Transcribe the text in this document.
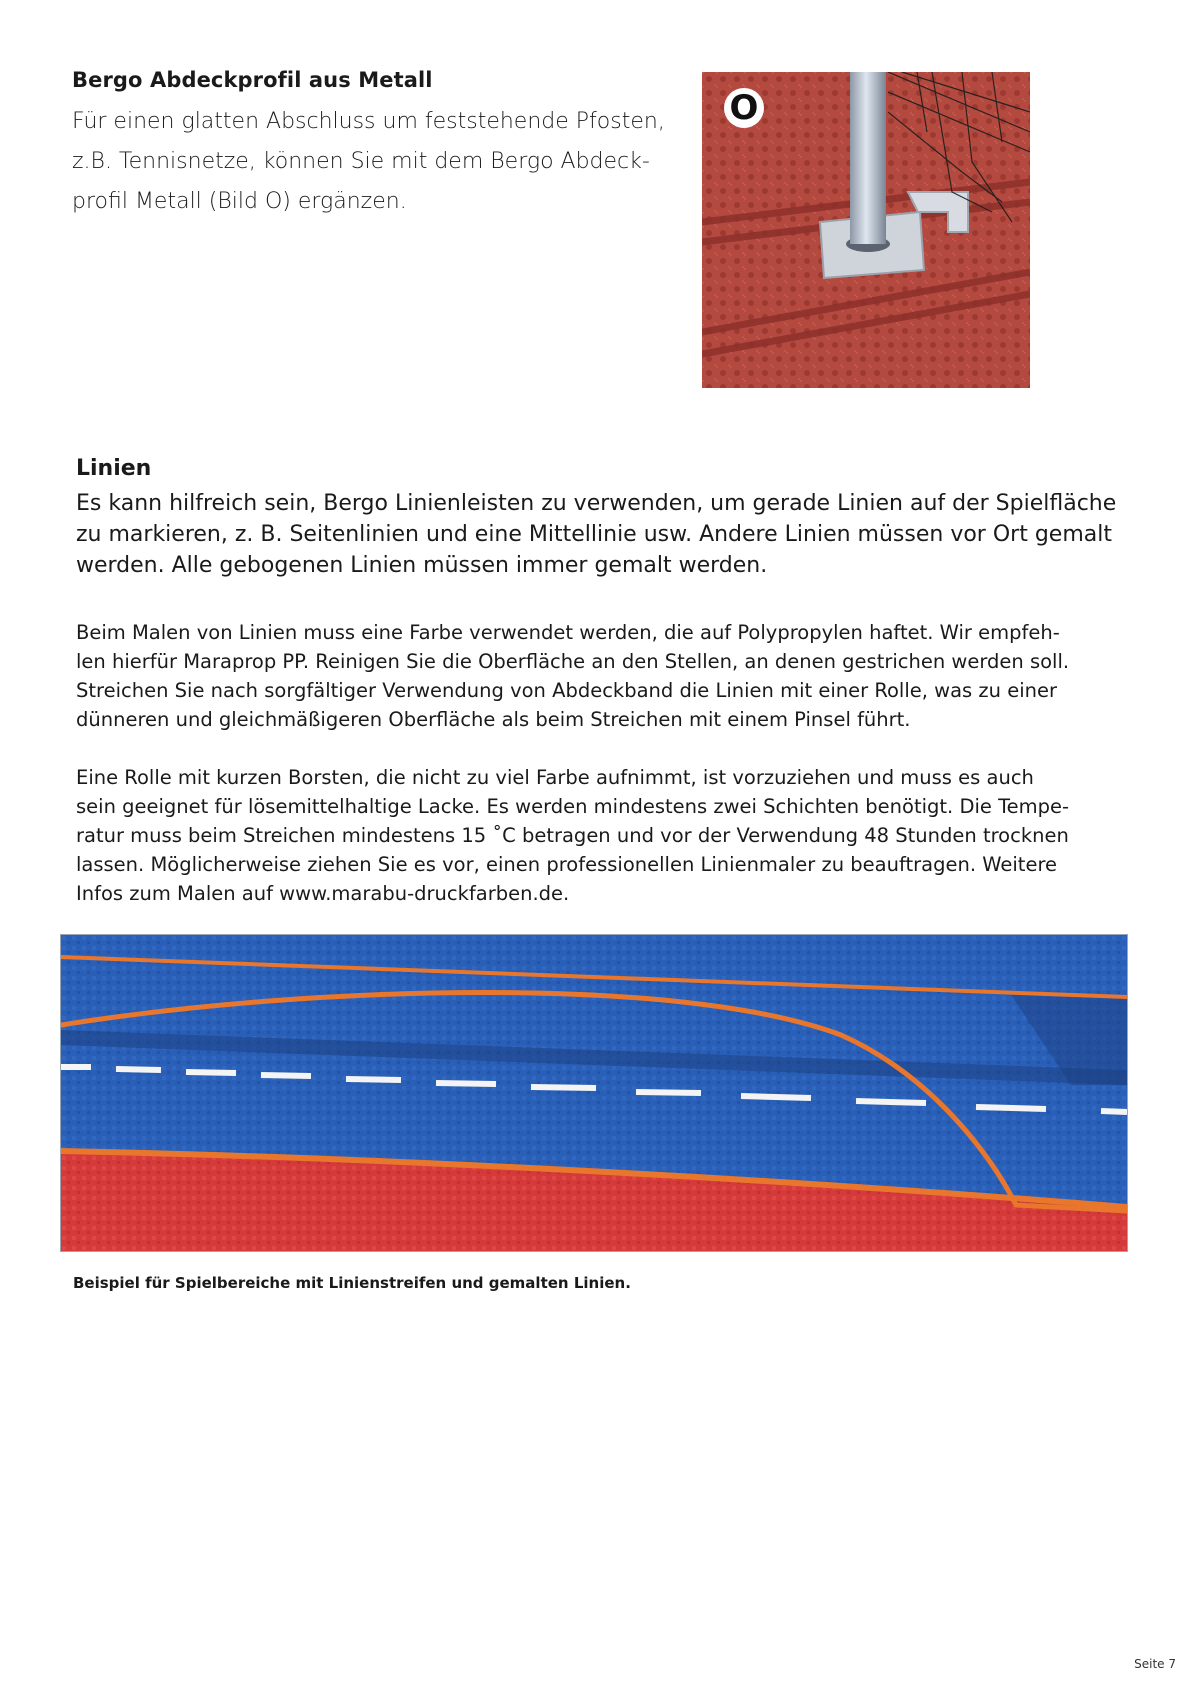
Bergo Abdeckprofil aus Metall
Für einen glatten Abschluss um feststehende Pfosten,
z.B. Tennisnetze, können Sie mit dem Bergo Abdeck-
profil Metall (Bild O) ergänzen.
O
Linien
Es kann hilfreich sein, Bergo Linienleisten zu verwenden, um gerade Linien auf der Spielfläche
zu markieren, z. B. Seitenlinien und eine Mittellinie usw. Andere Linien müssen vor Ort gemalt
werden. Alle gebogenen Linien müssen immer gemalt werden.
Beim Malen von Linien muss eine Farbe verwendet werden, die auf Polypropylen haftet. Wir empfeh-
len hierfür Maraprop PP. Reinigen Sie die Oberfläche an den Stellen, an denen gestrichen werden soll.
Streichen Sie nach sorgfältiger Verwendung von Abdeckband die Linien mit einer Rolle, was zu einer
dünneren und gleichmäßigeren Oberfläche als beim Streichen mit einem Pinsel führt.
Eine Rolle mit kurzen Borsten, die nicht zu viel Farbe aufnimmt, ist vorzuziehen und muss es auch
sein geeignet für lösemittelhaltige Lacke. Es werden mindestens zwei Schichten benötigt. Die Tempe-
ratur muss beim Streichen mindestens 15 ˚C betragen und vor der Verwendung 48 Stunden trocknen
lassen. Möglicherweise ziehen Sie es vor, einen professionellen Linienmaler zu beauftragen. Weitere
Infos zum Malen auf www.marabu-druckfarben.de.
Beispiel für Spielbereiche mit Linienstreifen und gemalten Linien.
Seite 7
